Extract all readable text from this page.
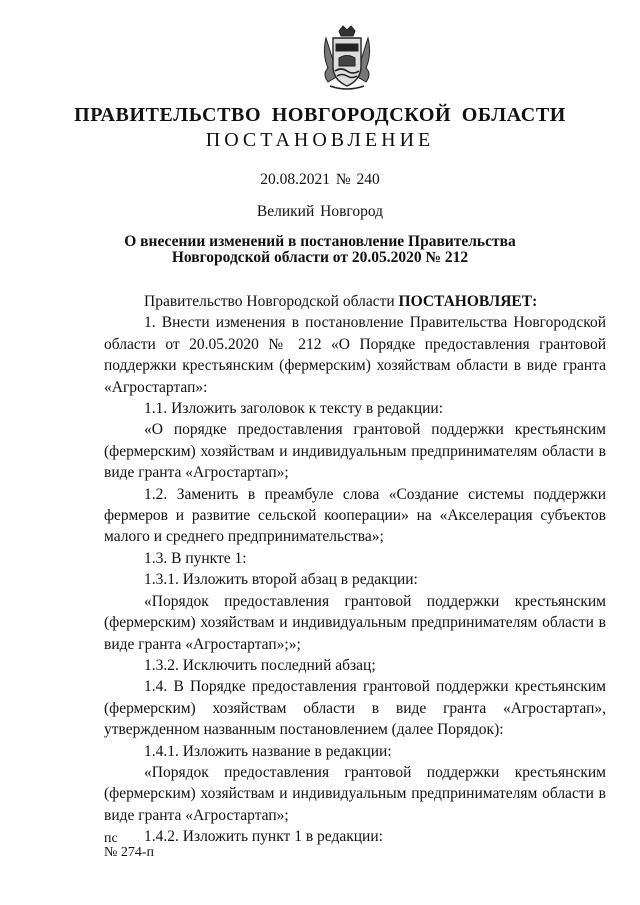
ПРАВИТЕЛЬСТВО НОВГОРОДСКОЙ ОБЛАСТИ
ПОСТАНОВЛЕНИЕ
20.08.2021 № 240
Великий Новгород
О внесении изменений в постановление Правительства
Новгородской области от 20.05.2020 № 212

Правительство Новгородской области ПОСТАНОВЛЯЕТ:

1. Внести изменения в постановление Правительства Новгородской области от 20.05.2020 № 212 «О Порядке предоставления грантовой поддержки крестьянским (фермерским) хозяйствам области в виде гранта «Агростартап»:

1.1. Изложить заголовок к тексту в редакции:

«О порядке предоставления грантовой поддержки крестьянским (фермерским) хозяйствам и индивидуальным предпринимателям области в виде гранта «Агростартап»;

1.2. Заменить в преамбуле слова «Создание системы поддержки фермеров и развитие сельской кооперации» на «Акселерация субъектов малого и среднего предпринимательства»;

1.3. В пункте 1:

1.3.1. Изложить второй абзац в редакции:

«Порядок предоставления грантовой поддержки крестьянским (фермерским) хозяйствам и индивидуальным предпринимателям области в виде гранта «Агростартап»;»;

1.3.2. Исключить последний абзац;

1.4. В Порядке предоставления грантовой поддержки крестьянским (фермерским) хозяйствам области в виде гранта «Агростартап», утвержденном названным постановлением (далее Порядок):

1.4.1. Изложить название в редакции:

«Порядок предоставления грантовой поддержки крестьянским (фермерским) хозяйствам и индивидуальным предпринимателям области в виде гранта «Агростартап»;

1.4.2. Изложить пункт 1 в редакции:

пс
№ 274-п
